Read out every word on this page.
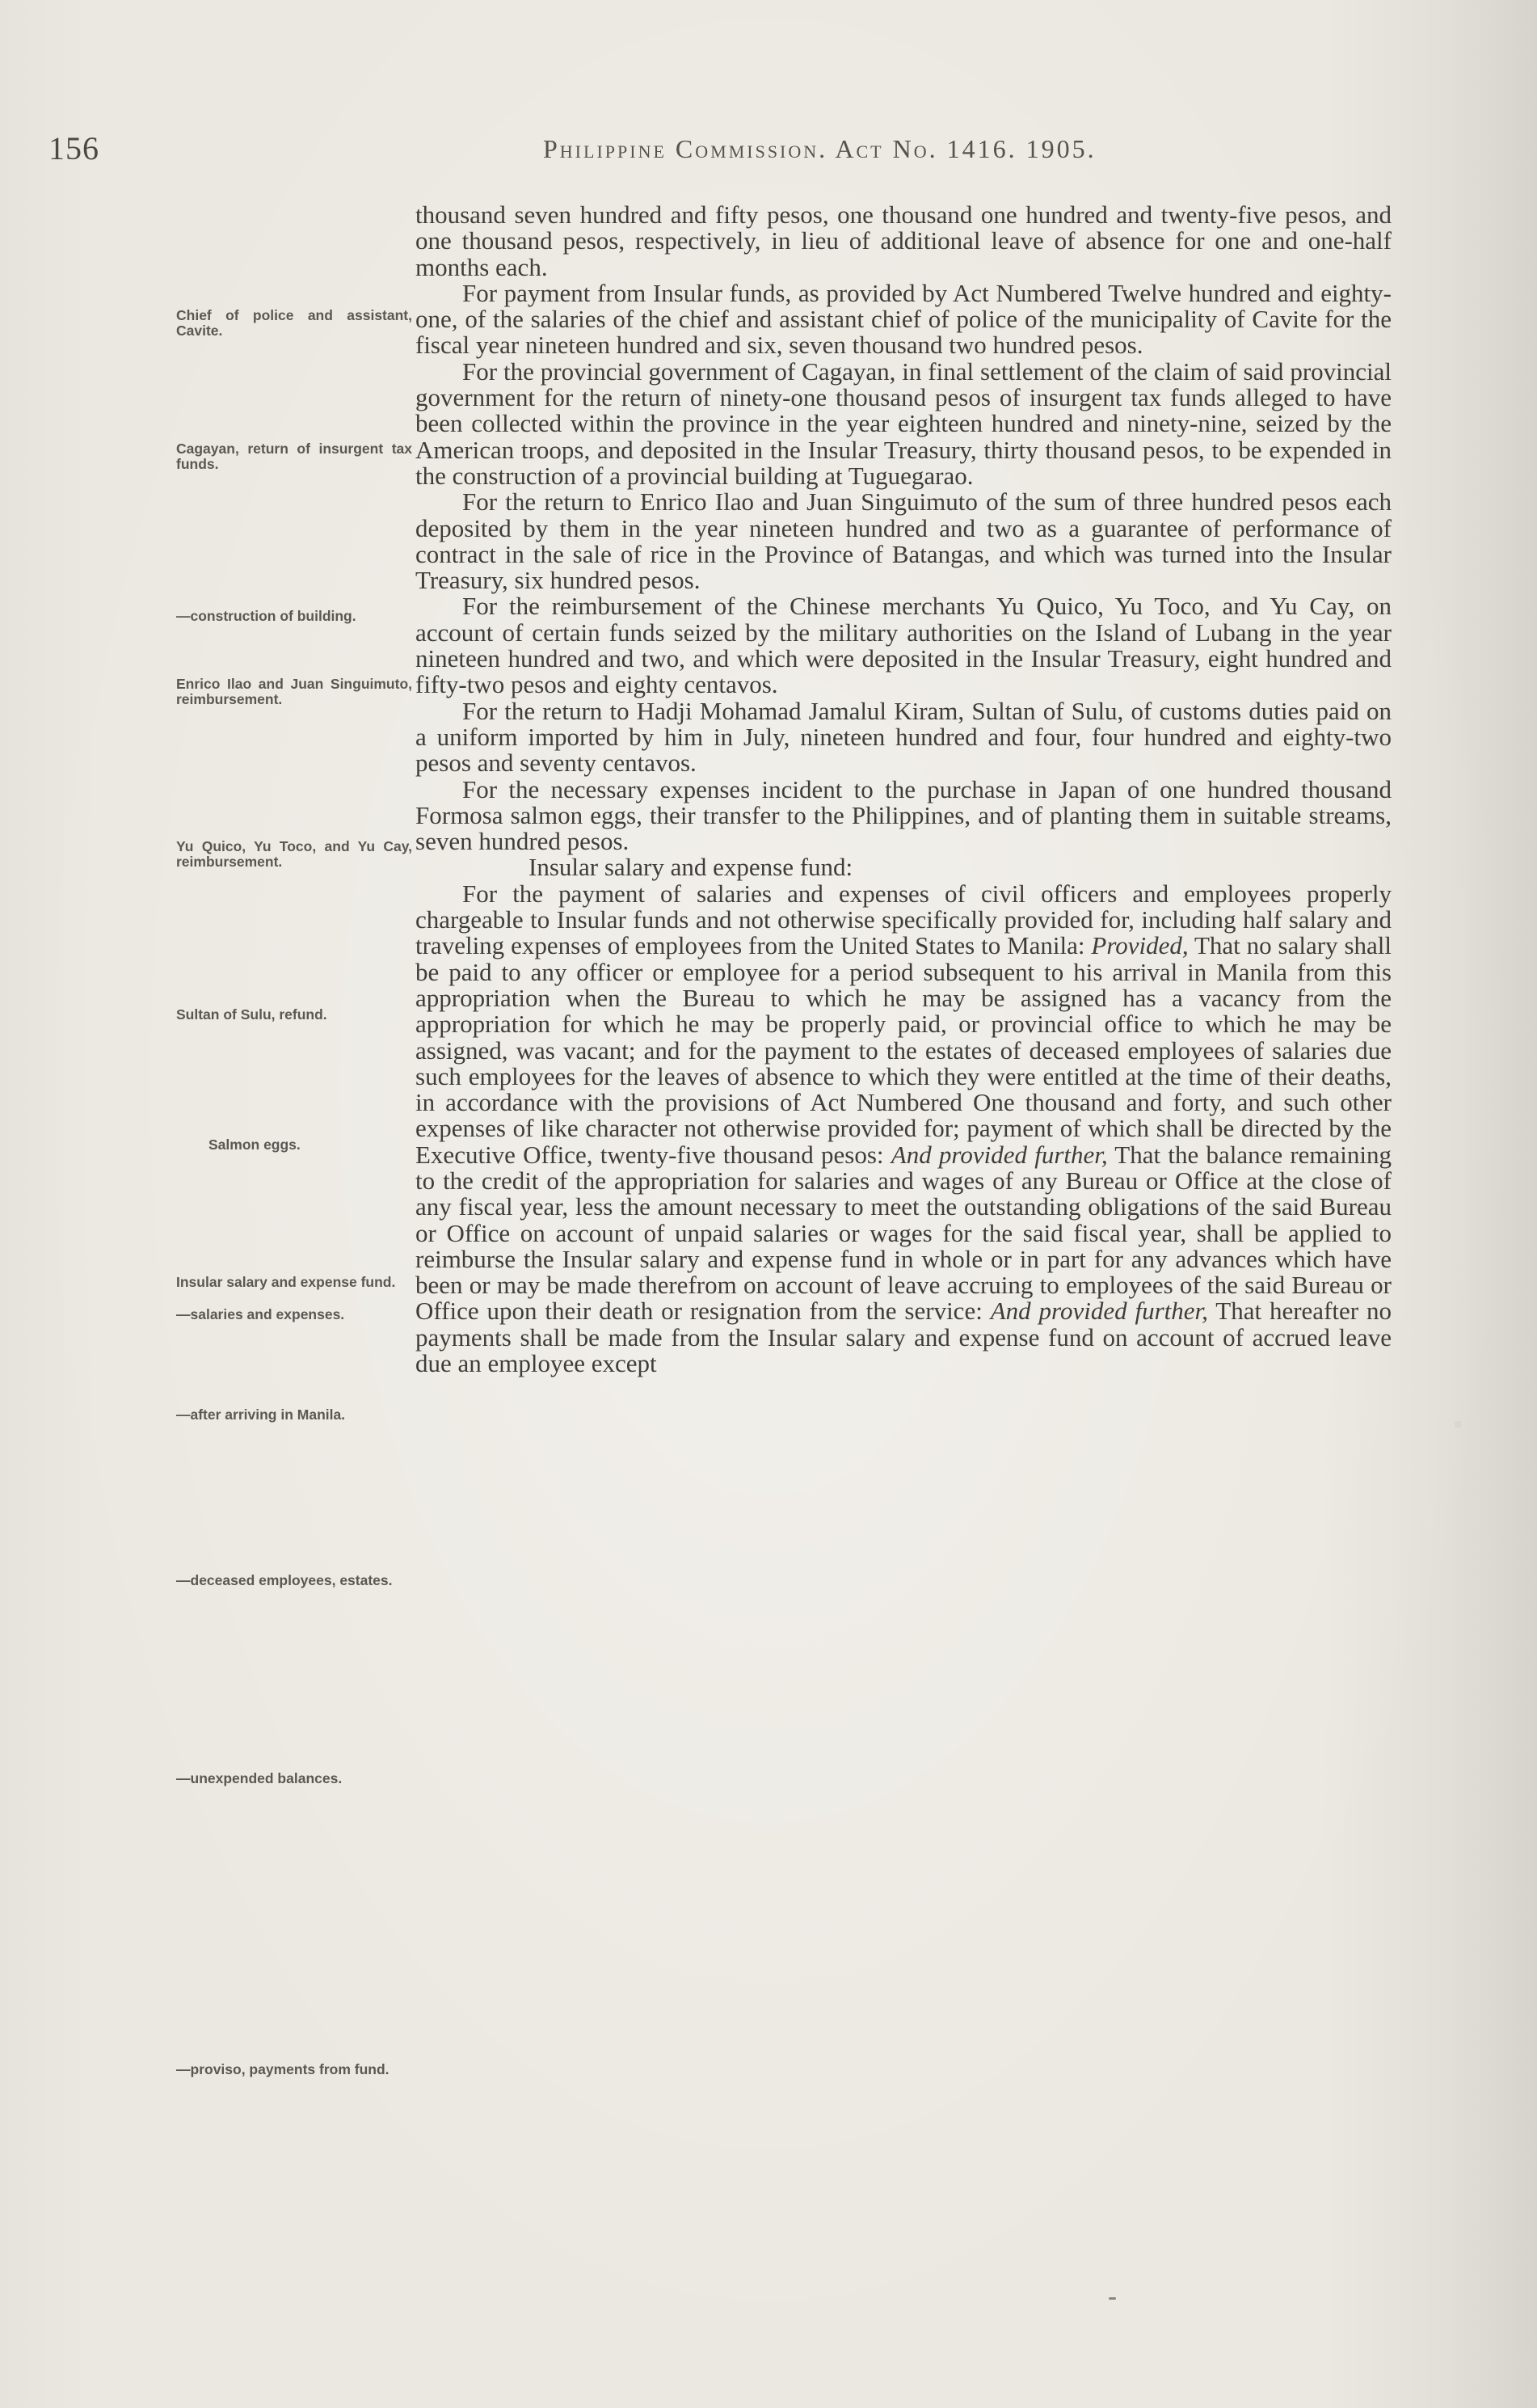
156	Philippine Commission. Act No. 1416. 1905.
Chief of police and assistant, Cavite.
Cagayan, return of insurgent tax funds.
—construction of building.
Enrico Ilao and Juan Singuimuto, reimbursement.
Yu Quico, Yu Toco, and Yu Cay, reimbursement.
Sultan of Sulu, refund.
Salmon eggs.
Insular salary and expense fund.
—salaries and expenses.
—after arriving in Manila.
—deceased employees, estates.
—unexpended balances.
—proviso, payments from fund.

thousand seven hundred and fifty pesos, one thousand one hundred and twenty-five pesos, and one thousand pesos, respectively, in lieu of additional leave of absence for one and one-half months each.

For payment from Insular funds, as provided by Act Numbered Twelve hundred and eighty-one, of the salaries of the chief and assistant chief of police of the municipality of Cavite for the fiscal year nineteen hundred and six, seven thousand two hundred pesos.

For the provincial government of Cagayan, in final settlement of the claim of said provincial government for the return of ninety-one thousand pesos of insurgent tax funds alleged to have been collected within the province in the year eighteen hundred and ninety-nine, seized by the American troops, and deposited in the Insular Treasury, thirty thousand pesos, to be expended in the construction of a provincial building at Tuguegarao.

For the return to Enrico Ilao and Juan Singuimuto of the sum of three hundred pesos each deposited by them in the year nineteen hundred and two as a guarantee of performance of contract in the sale of rice in the Province of Batangas, and which was turned into the Insular Treasury, six hundred pesos.

For the reimbursement of the Chinese merchants Yu Quico, Yu Toco, and Yu Cay, on account of certain funds seized by the military authorities on the Island of Lubang in the year nineteen hundred and two, and which were deposited in the Insular Treasury, eight hundred and fifty-two pesos and eighty centavos.

For the return to Hadji Mohamad Jamalul Kiram, Sultan of Sulu, of customs duties paid on a uniform imported by him in July, nineteen hundred and four, four hundred and eighty-two pesos and seventy centavos.

For the necessary expenses incident to the purchase in Japan of one hundred thousand Formosa salmon eggs, their transfer to the Philippines, and of planting them in suitable streams, seven hundred pesos.

Insular salary and expense fund:

For the payment of salaries and expenses of civil officers and employees properly chargeable to Insular funds and not otherwise specifically provided for, including half salary and traveling expenses of employees from the United States to Manila: Provided, That no salary shall be paid to any officer or employee for a period subsequent to his arrival in Manila from this appropriation when the Bureau to which he may be assigned has a vacancy from the appropriation for which he may be properly paid, or provincial office to which he may be assigned, was vacant; and for the payment to the estates of deceased employees of salaries due such employees for the leaves of absence to which they were entitled at the time of their deaths, in accordance with the provisions of Act Numbered One thousand and forty, and such other expenses of like character not otherwise provided for; payment of which shall be directed by the Executive Office, twenty-five thousand pesos: And provided further, That the balance remaining to the credit of the appropriation for salaries and wages of any Bureau or Office at the close of any fiscal year, less the amount necessary to meet the outstanding obligations of the said Bureau or Office on account of unpaid salaries or wages for the said fiscal year, shall be applied to reimburse the Insular salary and expense fund in whole or in part for any advances which have been or may be made therefrom on account of leave accruing to employees of the said Bureau or Office upon their death or resignation from the service: And provided further, That hereafter no payments shall be made from the Insular salary and expense fund on account of accrued leave due an employee except
